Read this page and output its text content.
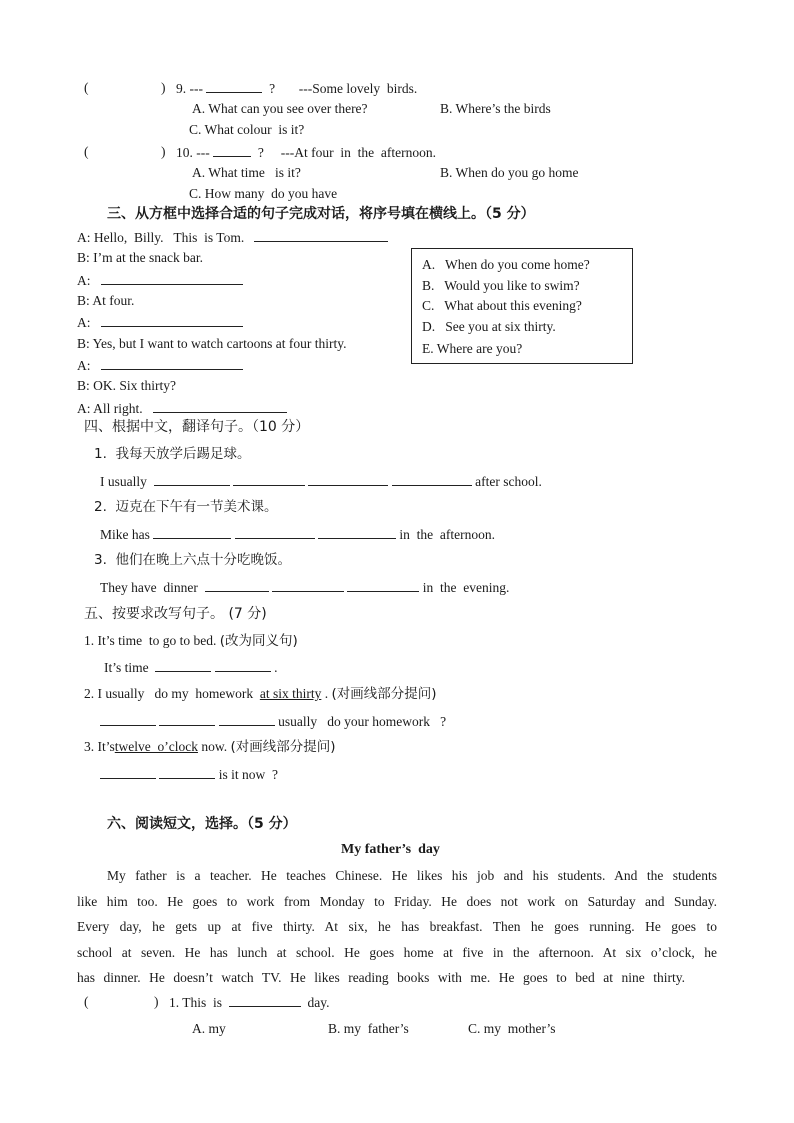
(	) 9. ---	? ---Some lovely  birds.
A. What can you see over there?	B. Where’s the birds
C. What colour  is it?
(	) 10. ---	? ---At four  in  the  afternoon.
A. What time   is it?	B. When do you go home
C. How many  do you have
三、从方框中选择合适的句子完成对话，将序号填在横线上。（5 分）
A: Hello,  Billy.   This  is Tom.
B: I’m at the snack bar.
A:
B: At four.
A:
B: Yes, but I want to watch cartoons at four thirty.
A:
B: OK. Six thirty?
A: All right.
A.   When do you come home?
B.   Would you like to swim?
C.   What about this evening?
D.   See you at six thirty.
E. Where are you?
四、根据中文，翻译句子。（10 分）
1.  我每天放学后踢足球。
I usually	after school.
2.  迈克在下午有一节美术课。
Mike has	in  the  afternoon.
3.  他们在晚上六点十分吃晚饭。
They have  dinner	in  the  evening.
五、按要求改写句子。 (7 分)
1. It’s time  to go to bed. (改为同义句)
It’s time	.
2. I usually   do my  homework at six thirty . (对画线部分提问)
usually   do your homework   ?
3. It’stwelve  o’clock now. (对画线部分提问)
is it now  ?
六、阅读短文，选择。（5 分）
My father’s  day
My father is a teacher. He teaches Chinese. He likes his job and his students. And the students
like him too. He goes to work from Monday to Friday. He does not work on Saturday and Sunday.
Every day, he gets up at five thirty. At six, he has breakfast. Then he goes running. He goes to
school at seven. He has lunch at school. He goes home at five in the afternoon. At six o’clock, he
has dinner. He doesn’t watch TV. He likes reading books with me. He goes to bed at nine thirty.
(	) 1. This  is	day.
A. my	B. my  father’s	C. my  mother’s
